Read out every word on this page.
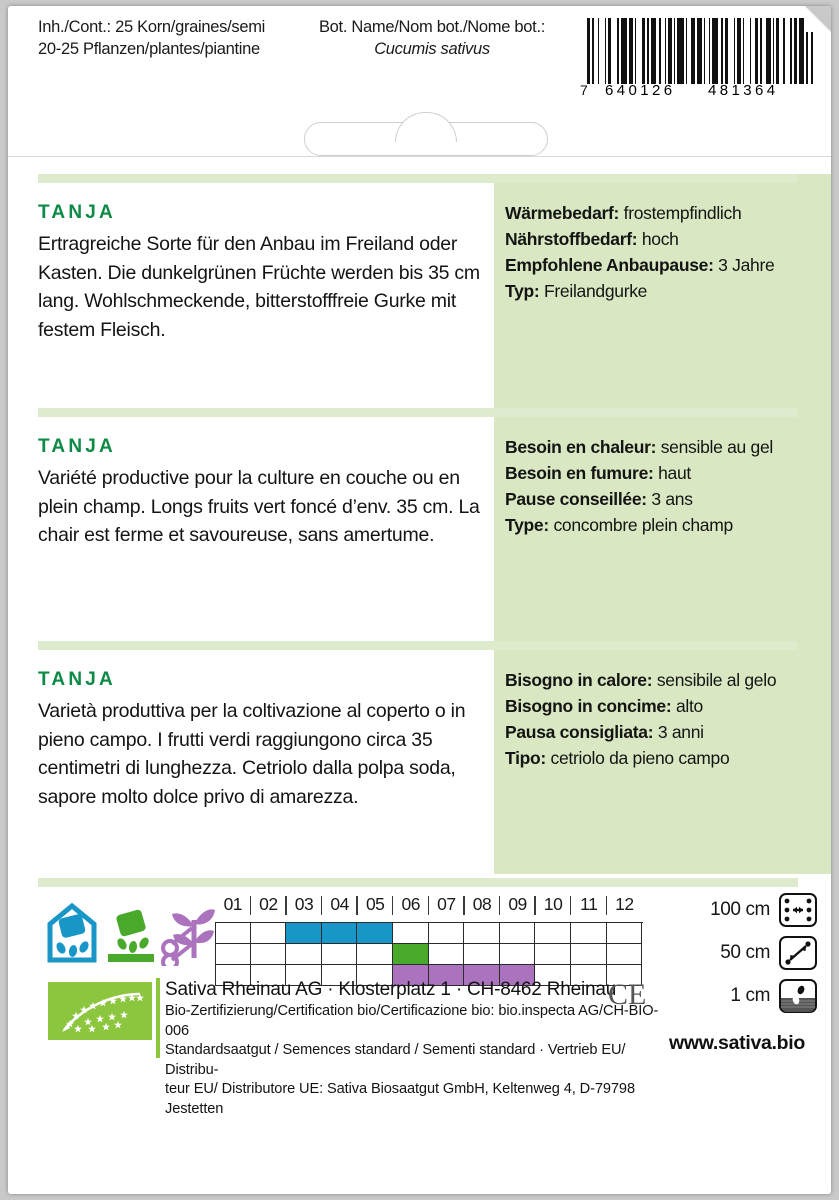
Inh./Cont.: 25 Korn/graines/semi
20-25 Pflanzen/plantes/piantine
Bot. Name/Nom bot./Nome bot.:
Cucumis sativus
7 640126 481364
TANJA
Ertragreiche Sorte für den Anbau im Freiland oder Kasten. Die dunkelgrünen Früchte werden bis 35 cm lang. Wohlschmeckende, bitterstofffreie Gurke mit festem Fleisch.
Wärmebedarf: frostempfindlich
Nährstoffbedarf: hoch
Empfohlene Anbaupause: 3 Jahre
Typ: Freilandgurke
TANJA
Variété productive pour la culture en couche ou en plein champ. Longs fruits vert foncé d’env. 35 cm. La chair est ferme et savoureuse, sans amertume.
Besoin en chaleur: sensible au gel
Besoin en fumure: haut
Pause conseillée: 3 ans
Type: concombre plein champ
TANJA
Varietà produttiva per la coltivazione al coperto o in pieno campo. I frutti verdi raggiungono circa 35 centimetri di lunghezza. Cetriolo dalla polpa soda, sapore molto dolce privo di amarezza.
Bisogno in calore: sensibile al gelo
Bisogno in concime: alto
Pausa consigliata: 3 anni
Tipo: cetriolo da pieno campo
01 02 03 04 05 06 07 08 09 10	11	12	100 cm
50 cm
1 cm
www.sativa.bio
Sativa Rheinau AG · Klosterplatz 1 · CH-8462 Rheinau
Bio-Zertifizierung/Certification bio/Certificazione bio: bio.inspecta AG/CH-BIO-006
Standardsaatgut / Semences standard / Sementi standard · Vertrieb EU/ Distribu-
teur EU/ Distributore UE: Sativa Biosaatgut GmbH, Keltenweg 4, D-79798 Jestetten
CE
